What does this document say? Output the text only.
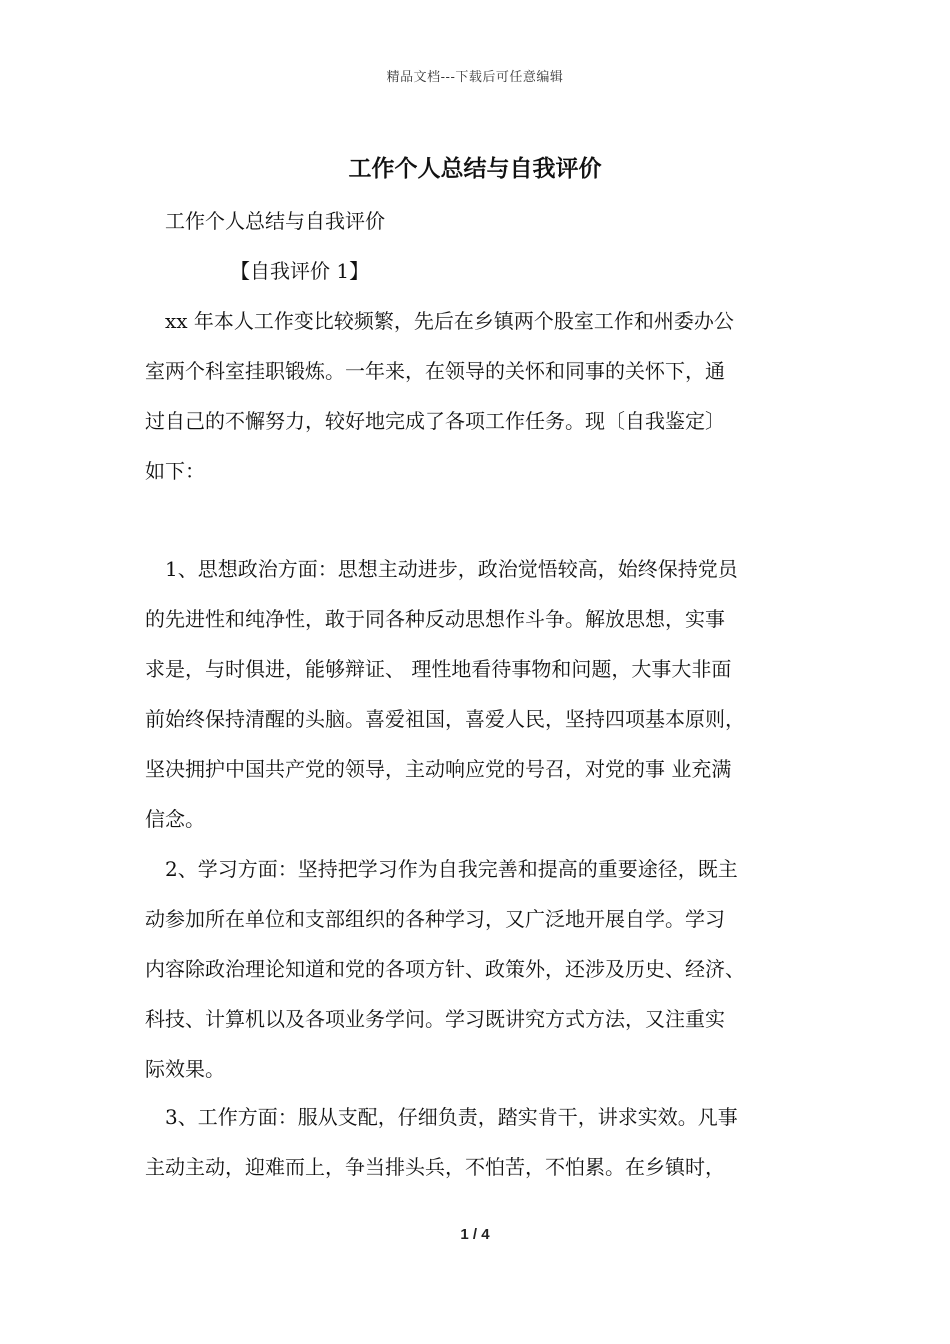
精品文档---下载后可任意编辑
工作个人总结与自我评价
工作个人总结与自我评价
【自我评价 1】
xx 年本人工作变比较频繁，先后在乡镇两个股室工作和州委办公
室两个科室挂职锻炼。一年来，在领导的关怀和同事的关怀下，通
过自己的不懈努力，较好地完成了各项工作任务。现〔自我鉴定〕
如下：
1、思想政治方面：思想主动进步，政治觉悟较高，始终保持党员
的先进性和纯净性，敢于同各种反动思想作斗争。解放思想，实事
求是，与时俱进，能够辩证、 理性地看待事物和问题，大事大非面
前始终保持清醒的头脑。喜爱祖国，喜爱人民，坚持四项基本原则，
坚决拥护中国共产党的领导，主动响应党的号召，对党的事 业充满
信念。
2、学习方面：坚持把学习作为自我完善和提高的重要途径，既主
动参加所在单位和支部组织的各种学习，又广泛地开展自学。学习
内容除政治理论知道和党的各项方针、政策外，还涉及历史、经济、
科技、计算机以及各项业务学问。学习既讲究方式方法，又注重实
际效果。
3、工作方面：服从支配，仔细负责，踏实肯干，讲求实效。凡事
主动主动，迎难而上，争当排头兵，不怕苦，不怕累。在乡镇时，
1 / 4
